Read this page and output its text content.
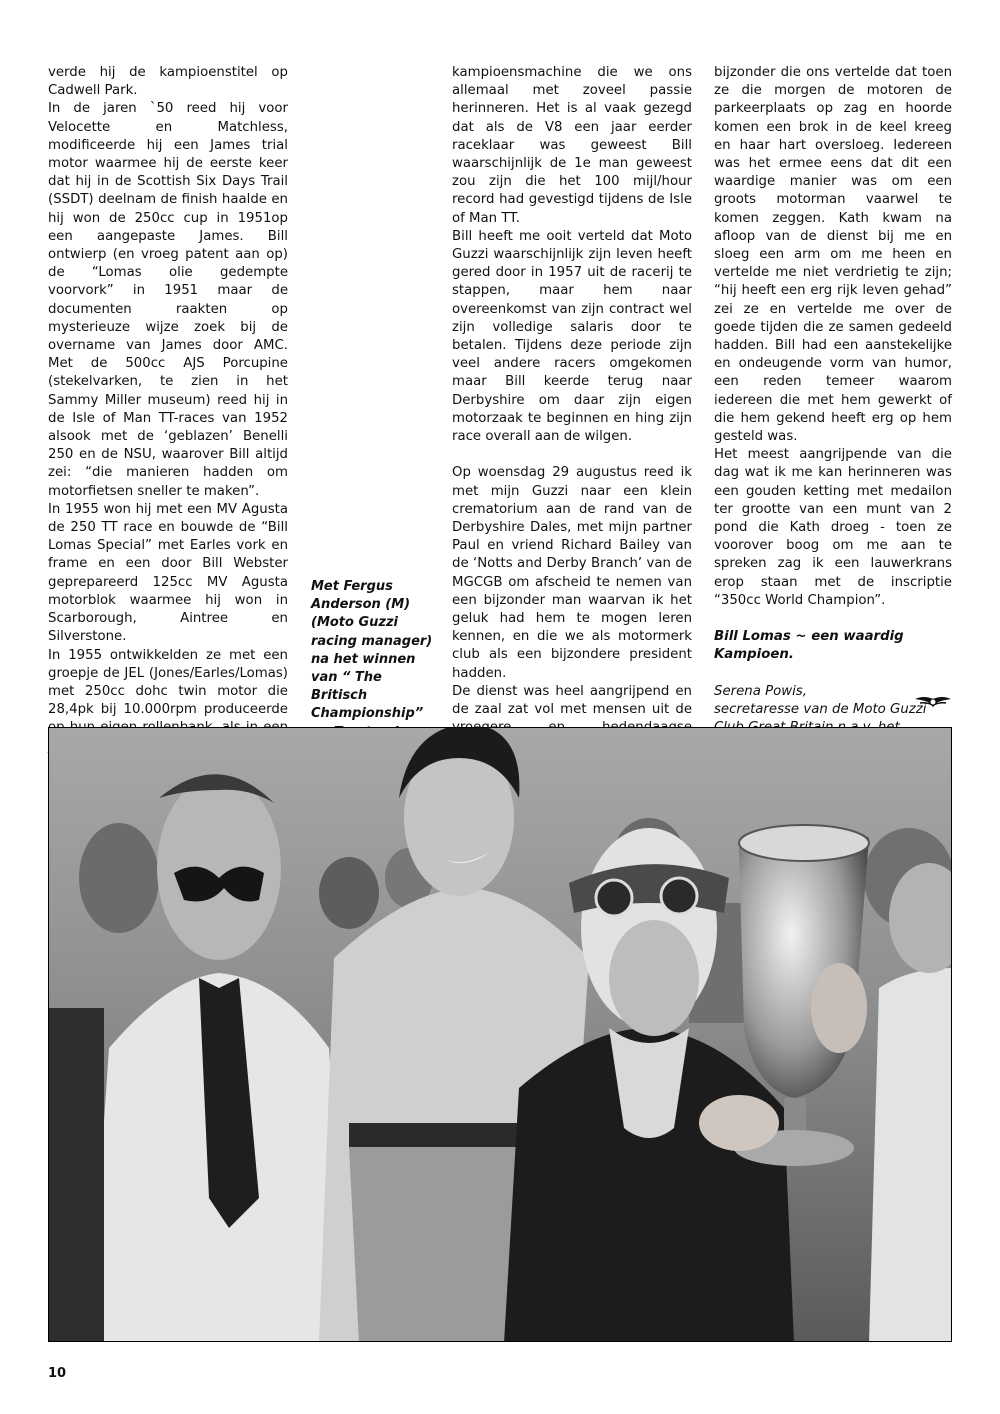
verde hij de kampioenstitel op Cadwell Park.

In de jaren `50 reed hij voor Velocette en Matchless, modificeerde hij een James trial motor waarmee hij de eerste keer dat hij in de Scottish Six Days Trail (SSDT) deelnam de finish haalde en hij won de 250cc cup in 1951op een aangepaste James. Bill ontwierp (en vroeg patent aan op) de “Lomas olie gedempte voorvork” in 1951 maar de documenten raakten op mysterieuze wijze zoek bij de overname van James door AMC. Met de 500cc AJS Porcupine (stekelvarken, te zien in het Sammy Miller museum) reed hij in de Isle of Man TT-races van 1952 alsook met de ‘geblazen’ Benelli 250 en de NSU, waarover Bill altijd zei: “die manieren hadden om motorfietsen sneller te maken”.

In 1955 won hij met een MV Agusta de 250 TT race en bouwde de “Bill Lomas Special” met Earles vork en frame en een door Bill Webster geprepareerd 125cc MV Agusta motorblok waarmee hij won in Scarborough, Aintree en Silverstone.

In 1955 ontwikkelden ze met een groepje de JEL (Jones/Earles/Lomas) met 250cc dohc twin motor die 28,4pk bij 10.000rpm produceerde

Met Fergus Anderson (M) (Moto Guzzi racing manager) na het winnen van “ The Britisch Championship”

kampioensmachine die we ons allemaal met zoveel passie herinneren. Het is al vaak gezegd dat als de V8 een jaar eerder raceklaar was geweest Bill waarschijnlijk de 1e man geweest zou zijn die het 100 mijl/hour record had gevestigd tijdens de Isle of Man TT.

Bill heeft me ooit verteld dat Moto Guzzi waarschijnlijk zijn leven heeft gered door in 1957 uit de racerij te stappen, maar hem naar overeenkomst van zijn contract wel zijn volledige salaris door te betalen. Tijdens deze periode zijn veel andere racers omgekomen maar Bill keerde terug naar Derbyshire om daar zijn eigen motorzaak te beginnen en hing zijn race overall aan de wilgen.

Op woensdag 29 augustus reed ik met mijn Guzzi naar een klein crematorium aan de rand van de Derbyshire Dales, met mijn partner Paul en vriend Richard Bailey van de ‘Notts and Derby Branch’ van de MGCGB om afscheid te nemen van een bijzonder man waarvan ik het geluk had hem te mogen leren kennen, en die we als motormerk club als een bijzondere president hadden.

De dienst was heel aangrijpend en de zaal zat vol met mensen uit de

bijzonder die ons vertelde dat toen ze die morgen de motoren de parkeerplaats op zag en hoorde komen een brok in de keel kreeg en haar hart oversloeg. Iedereen was het ermee eens dat dit een waardige manier was om een groots motorman vaarwel te komen zeggen. Kath kwam na afloop van de dienst bij me en sloeg een arm om me heen en vertelde me niet verdrietig te zijn; “hij heeft een erg rijk leven gehad” zei ze en vertelde me over de goede tijden die ze samen gedeeld hadden. Bill had een aanstekelijke en ondeugende vorm van humor, een reden temeer waarom iedereen die met hem gewerkt of die hem gekend heeft erg op hem gesteld was.

Het meest aangrijpende van die dag wat ik me kan herinneren was een gouden ketting met medailon ter grootte van een munt van 2 pond die Kath droeg - toen ze voorover boog om me aan te spreken zag ik een lauwerkrans erop staan met de inscriptie “350cc World Champion”.

Bill Lomas ~ een waardig Kampioen.

Serena Powis,

secretaresse van de Moto Guzzi

10
